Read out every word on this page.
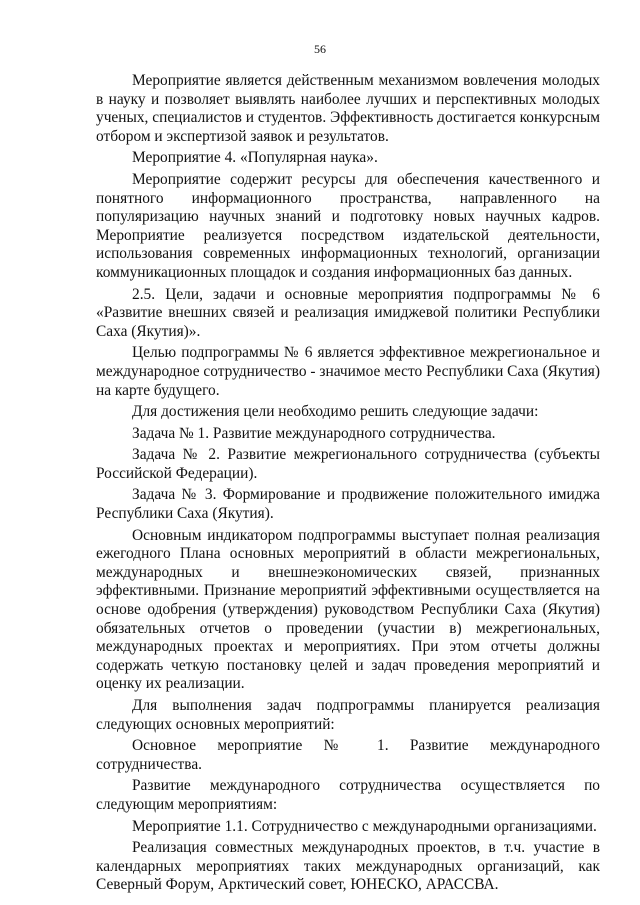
56

Мероприятие является действенным механизмом вовлечения молодых в науку и позволяет выявлять наиболее лучших и перспективных молодых ученых, специалистов и студентов. Эффективность достигается конкурсным отбором и экспертизой заявок и результатов.

Мероприятие 4. «Популярная наука».

Мероприятие содержит ресурсы для обеспечения качественного и понятного информационного пространства, направленного на популяризацию научных знаний и подготовку новых научных кадров. Мероприятие реализуется посредством издательской деятельности, использования современных информационных технологий, организации коммуникационных площадок и создания информационных баз данных.

2.5. Цели, задачи и основные мероприятия подпрограммы № 6 «Развитие внешних связей и реализация имиджевой политики Республики Саха (Якутия)».

Целью подпрограммы № 6 является эффективное межрегиональное и международное сотрудничество - значимое место Республики Саха (Якутия) на карте будущего.

Для достижения цели необходимо решить следующие задачи:

Задача № 1. Развитие международного сотрудничества.

Задача № 2. Развитие межрегионального сотрудничества (субъекты Российской Федерации).

Задача № 3. Формирование и продвижение положительного имиджа Республики Саха (Якутия).

Основным индикатором подпрограммы выступает полная реализация ежегодного Плана основных мероприятий в области межрегиональных, международных и внешнеэкономических связей, признанных эффективными. Признание мероприятий эффективными осуществляется на основе одобрения (утверждения) руководством Республики Саха (Якутия) обязательных отчетов о проведении (участии в) межрегиональных, международных проектах и мероприятиях. При этом отчеты должны содержать четкую постановку целей и задач проведения мероприятий и оценку их реализации.

Для выполнения задач подпрограммы планируется реализация следующих основных мероприятий:

Основное мероприятие № 1. Развитие международного сотрудничества.

Развитие международного сотрудничества осуществляется по следующим мероприятиям:

Мероприятие 1.1. Сотрудничество с международными организациями.

Реализация совместных международных проектов, в т.ч. участие в календарных мероприятиях таких международных организаций, как Северный Форум, Арктический совет, ЮНЕСКО, АРАССВА.
